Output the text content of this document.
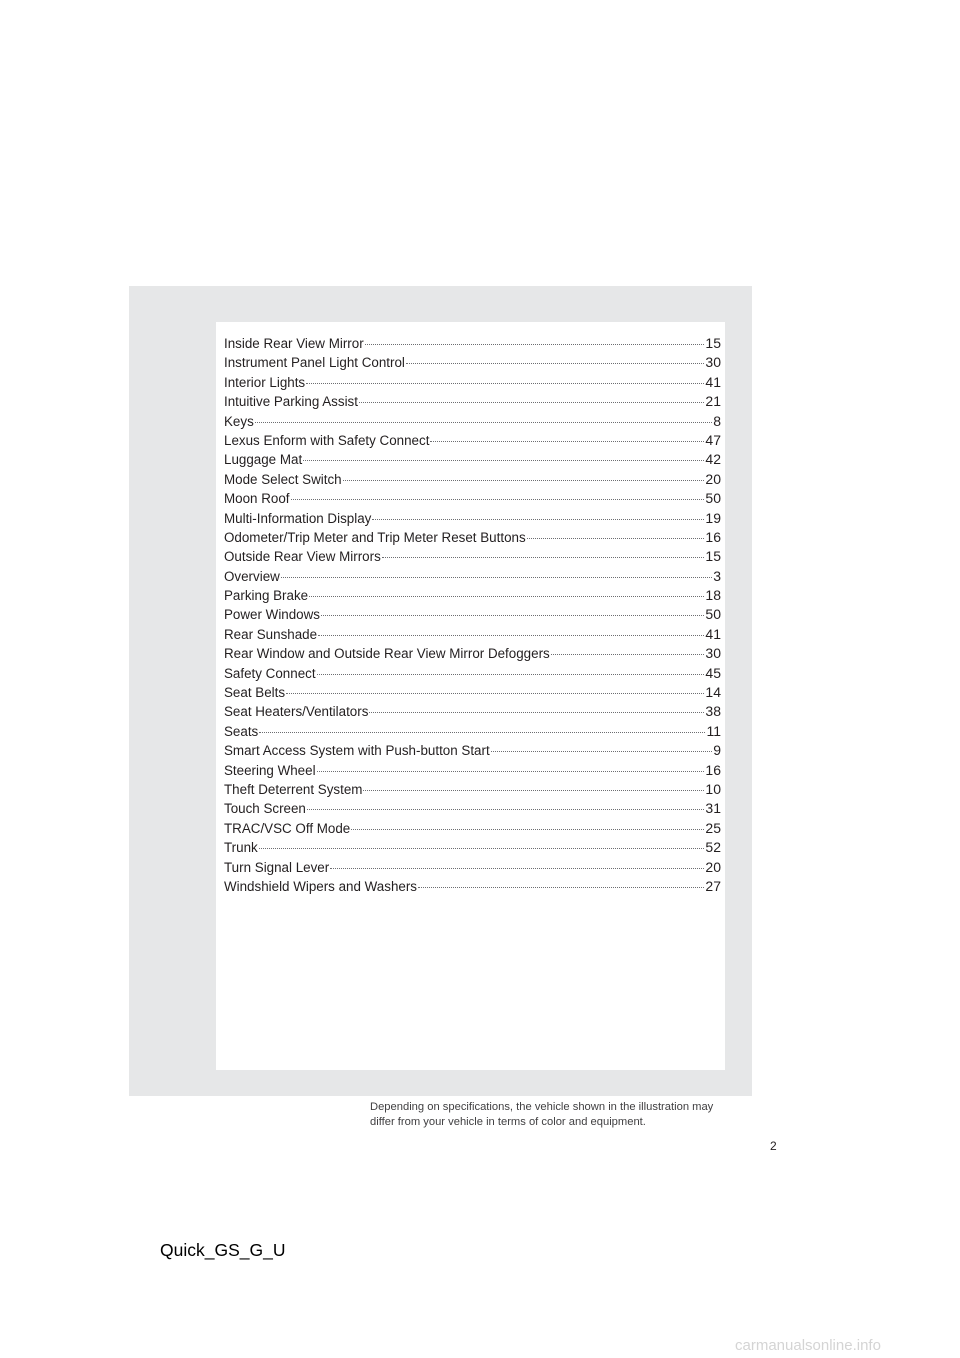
Inside Rear View Mirror	15
Instrument Panel Light Control	30
Interior Lights	41
Intuitive Parking Assist	21
Keys	8
Lexus Enform with Safety Connect	47
Luggage Mat	42
Mode Select Switch	20
Moon Roof	50
Multi-Information Display	19
Odometer/Trip Meter and Trip Meter Reset Buttons	16
Outside Rear View Mirrors	15
Overview	3
Parking Brake	18
Power Windows	50
Rear Sunshade	41
Rear Window and Outside Rear View Mirror Defoggers	30
Safety Connect	45
Seat Belts	14
Seat Heaters/Ventilators	38
Seats	11
Smart Access System with Push-button Start	9
Steering Wheel	16
Theft Deterrent System	10
Touch Screen	31
TRAC/VSC Off Mode	25
Trunk	52
Turn Signal Lever	20
Windshield Wipers and Washers	27
Depending on specifications, the vehicle shown in the illustration may
differ from your vehicle in terms of color and equipment.
2
Quick_GS_G_U
carmanualsonline.info
